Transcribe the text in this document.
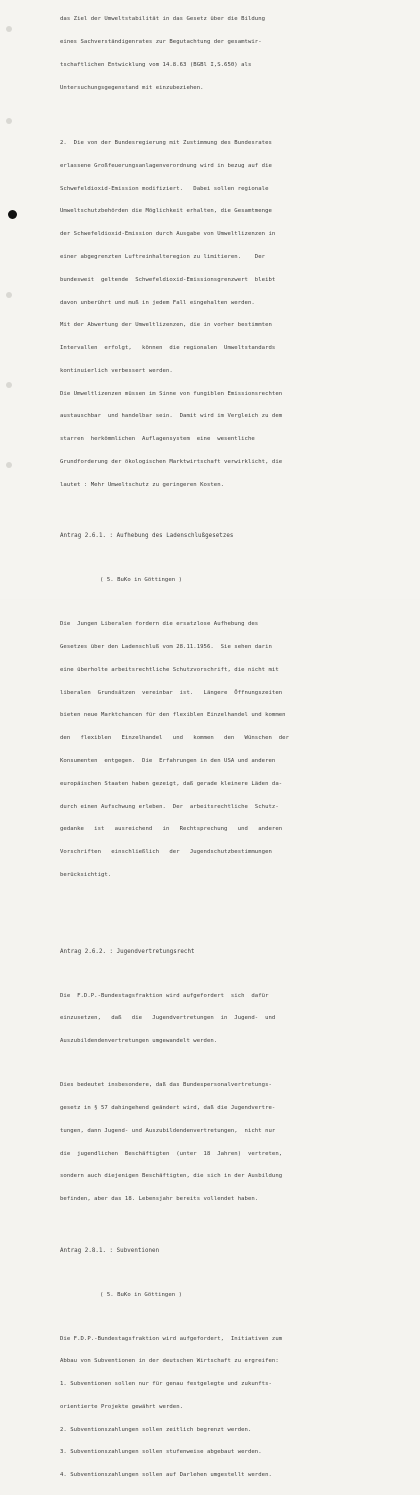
das Ziel der Umweltstabilität in das Gesetz über die Bildung

eines Sachverständigenrates zur Begutachtung der gesamtwir-

tschaftlichen Entwicklung vom 14.8.63 (BGBl I,S.650) als

Untersuchungsgegenstand mit einzubeziehen.

2.  Die von der Bundesregierung mit Zustimmung des Bundesrates

erlassene Großfeuerungsanlagenverordnung wird in bezug auf die

Schwefeldioxid-Emission modifiziert.   Dabei sollen regionale

Umweltschutzbehörden die Möglichkeit erhalten, die Gesamtmenge

der Schwefeldioxid-Emission durch Ausgabe von Umweltlizenzen in

einer abgegrenzten Luftreinhalteregion zu limitieren.    Der

bundesweit  geltende  Schwefeldioxid-Emissionsgrenzwert  bleibt

davon unberührt und muß in jedem Fall eingehalten werden.

Mit der Abwertung der Umweltlizenzen, die in vorher bestimmten

Intervallen  erfolgt,   können  die regionalen  Umweltstandards

kontinuierlich verbessert werden.

Die Umweltlizenzen müssen im Sinne von fungiblen Emissionsrechten

austauschbar  und handelbar sein.  Damit wird im Vergleich zu dem

starren  herkömmlichen  Auflagensystem  eine  wesentliche

Grundforderung der ökologischen Marktwirtschaft verwirklicht, die

lautet : Mehr Umweltschutz zu geringeren Kosten.

Antrag 2.6.1. : Aufhebung des Ladenschlußgesetzes

( 5. BuKo in Göttingen )

Die  Jungen Liberalen fordern die ersatzlose Aufhebung des

Gesetzes über den Ladenschluß vom 28.11.1956.  Sie sehen darin

eine überholte arbeitsrechtliche Schutzvorschrift, die nicht mit

liberalen  Grundsätzen  vereinbar  ist.   Längere  Öffnungszeiten

bieten neue Marktchancen für den flexiblen Einzelhandel und kommen

den   flexiblen   Einzelhandel   und   kommen   den   Wünschen  der

Konsumenten  entgegen.  Die  Erfahrungen in den USA und anderen

europäischen Staaten haben gezeigt, daß gerade kleinere Läden da-

durch einen Aufschwung erleben.  Der  arbeitsrechtliche  Schutz-

gedanke   ist   ausreichend   in   Rechtsprechung   und   anderen

Vorschriften   einschließlich   der   Jugendschutzbestimmungen

berücksichtigt.

Antrag 2.6.2. : Jugendvertretungsrecht

Die  F.D.P.-Bundestagsfraktion wird aufgefordert  sich  dafür

einzusetzen,   daß   die   Jugendvertretungen  in  Jugend-  und

Auszubildendenvertretungen umgewandelt werden.

Dies bedeutet insbesondere, daß das Bundespersonalvertretungs-

gesetz in § 57 dahingehend geändert wird, daß die Jugendvertre-

tungen, dann Jugend- und Auszubildendenvertretungen,  nicht nur

die  jugendlichen  Beschäftigten  (unter  18  Jahren)  vertreten,

sondern auch diejenigen Beschäftigten, die sich in der Ausbildung

befinden, aber das 18. Lebensjahr bereits vollendet haben.

Antrag 2.8.1. : Subventionen

( 5. BuKo in Göttingen )

Die F.D.P.-Bundestagsfraktion wird aufgefordert,  Initiativen zum

Abbau von Subventionen in der deutschen Wirtschaft zu ergreifen:

1. Subventionen sollen nur für genau festgelegte und zukunfts-

orientierte Projekte gewährt werden.

2. Subventionszahlungen sollen zeitlich begrenzt werden.

3. Subventionszahlungen sollen stufenweise abgebaut werden.

4. Subventionszahlungen sollen auf Darlehen umgestellt werden.
